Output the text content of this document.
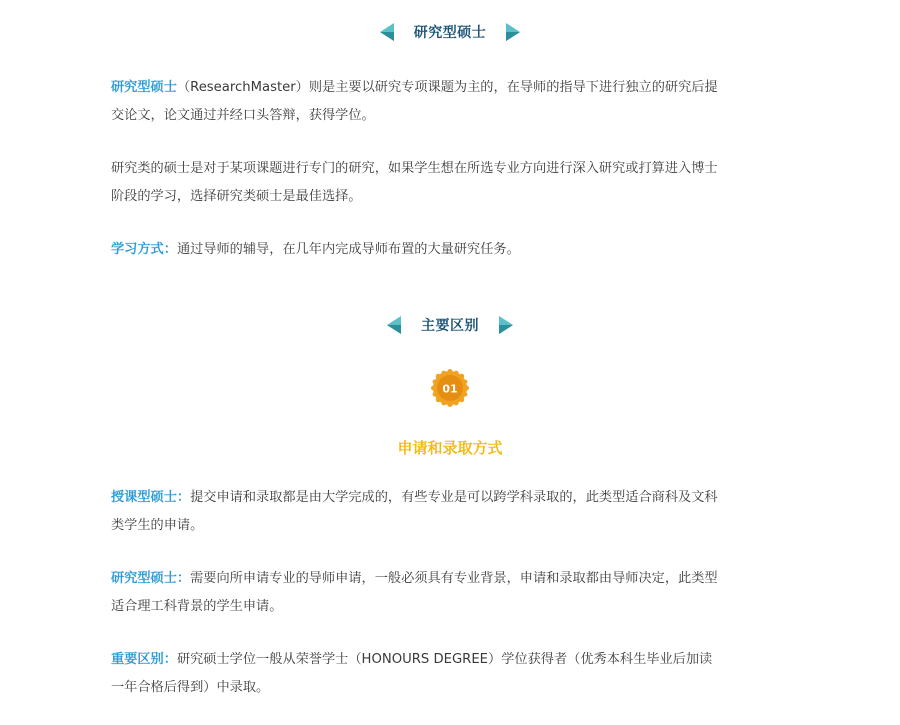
研究型硕士

研究型硕士（ResearchMaster）则是主要以研究专项课题为主的，在导师的指导下进行独立的研究后提交论文，论文通过并经口头答辩，获得学位。

研究类的硕士是对于某项课题进行专门的研究，如果学生想在所选专业方向进行深入研究或打算进入博士阶段的学习，选择研究类硕士是最佳选择。

学习方式：通过导师的辅导，在几年内完成导师布置的大量研究任务。

主要区别
01
申请和录取方式

授课型硕士：提交申请和录取都是由大学完成的，有些专业是可以跨学科录取的，此类型适合商科及文科类学生的申请。

研究型硕士：需要向所申请专业的导师申请，一般必须具有专业背景，申请和录取都由导师决定，此类型适合理工科背景的学生申请。

重要区别：研究硕士学位一般从荣誉学士（HONOURS DEGREE）学位获得者（优秀本科生毕业后加读一年合格后得到）中录取。
